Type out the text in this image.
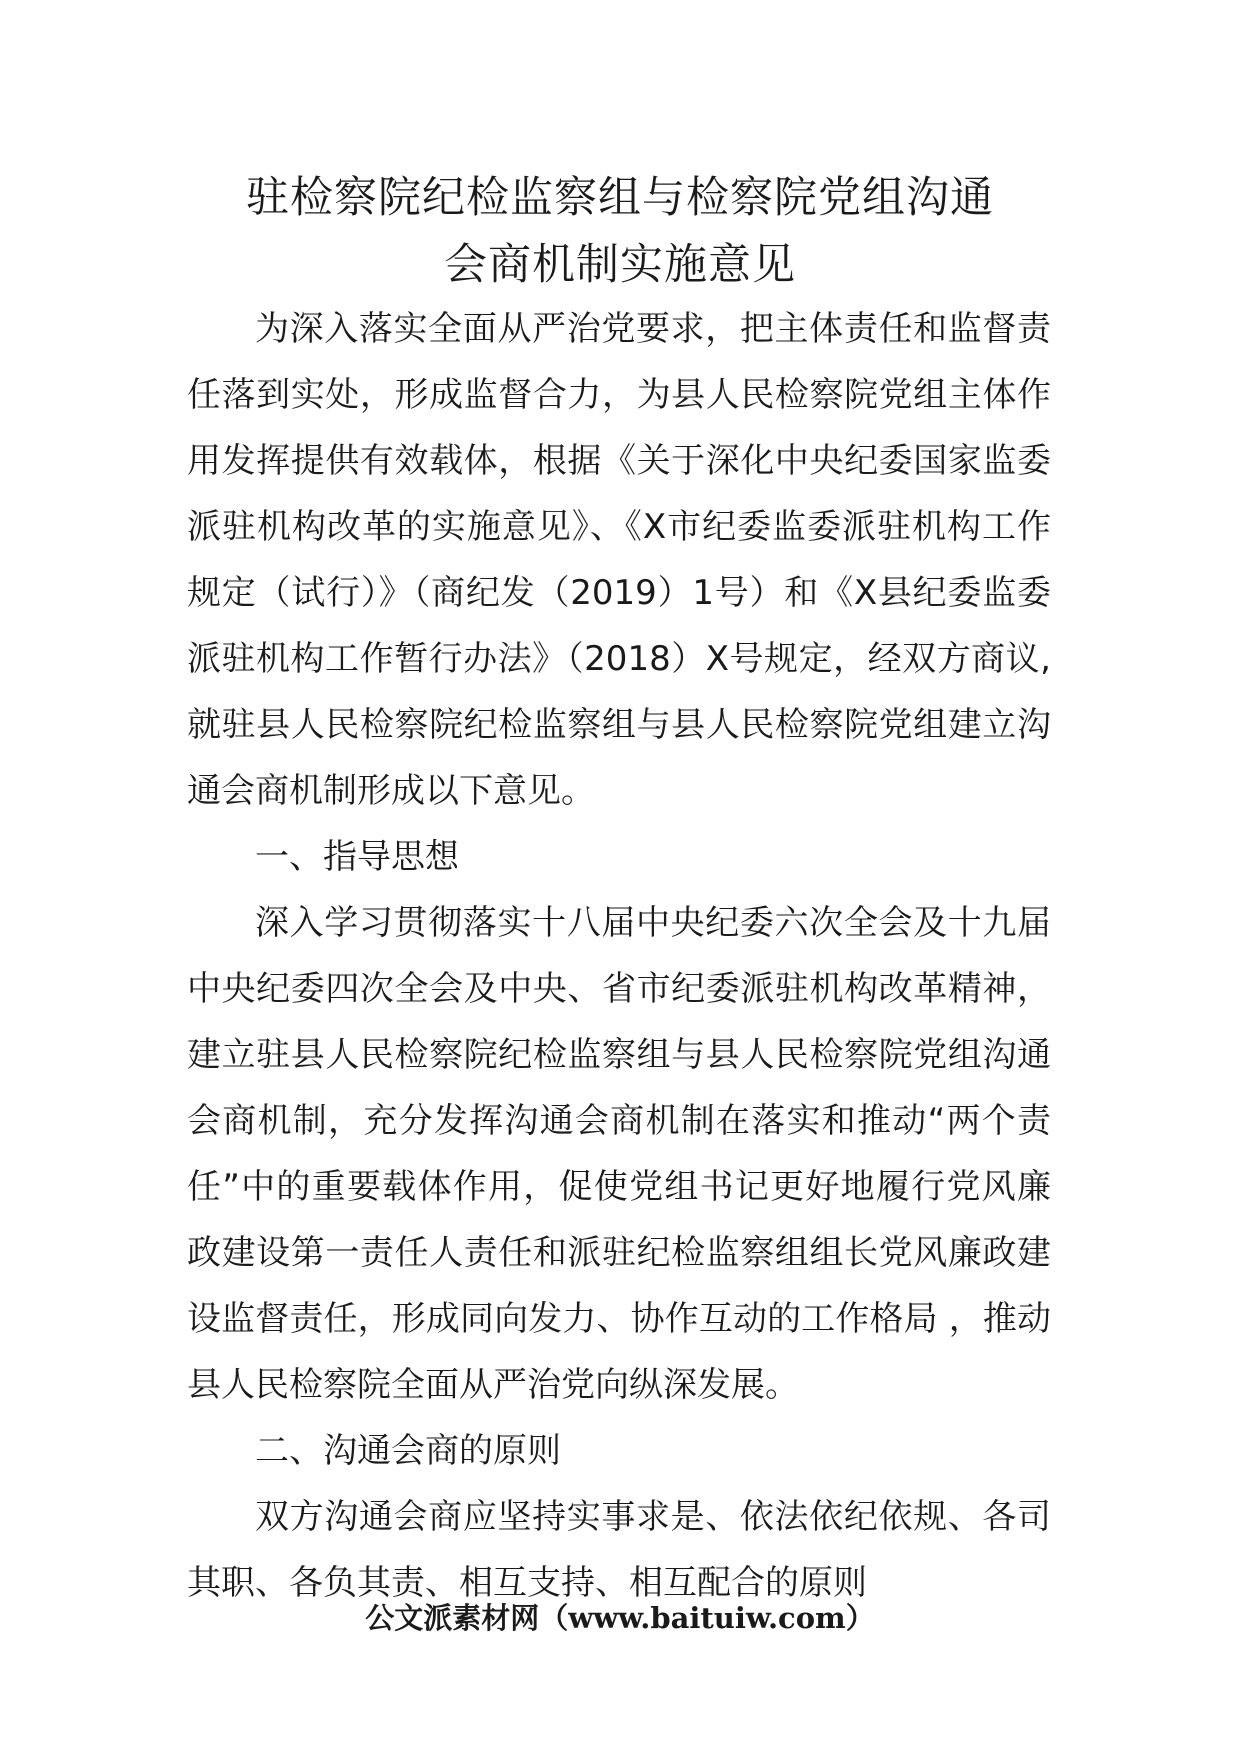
驻检察院纪检监察组与检察院党组沟通
会商机制实施意见

为深入落实全面从严治党要求，把主体责任和监督责任落到实处，形成监督合力，为县人民检察院党组主体作用发挥提供有效载体，根据《关于深化中央纪委国家监委派驻机构改革的实施意见》、《X市纪委监委派驻机构工作规定（试行）》（商纪发（2019）1号）和《X县纪委监委派驻机构工作暂行办法》（2018）X号规定，经双方商议,就驻县人民检察院纪检监察组与县人民检察院党组建立沟通会商机制形成以下意见。

一、指导思想

深入学习贯彻落实十八届中央纪委六次全会及十九届中央纪委四次全会及中央、省市纪委派驻机构改革精神，建立驻县人民检察院纪检监察组与县人民检察院党组沟通会商机制，充分发挥沟通会商机制在落实和推动“两个责任”中的重要载体作用，促使党组书记更好地履行党风廉政建设第一责任人责任和派驻纪检监察组组长党风廉政建设监督责任，形成同向发力、协作互动的工作格局 ，推动县人民检察院全面从严治党向纵深发展。

二、沟通会商的原则

双方沟通会商应坚持实事求是、依法依纪依规、各司其职、各负其责、相互支持、相互配合的原则

公文派素材网（www.baituiw.com）
